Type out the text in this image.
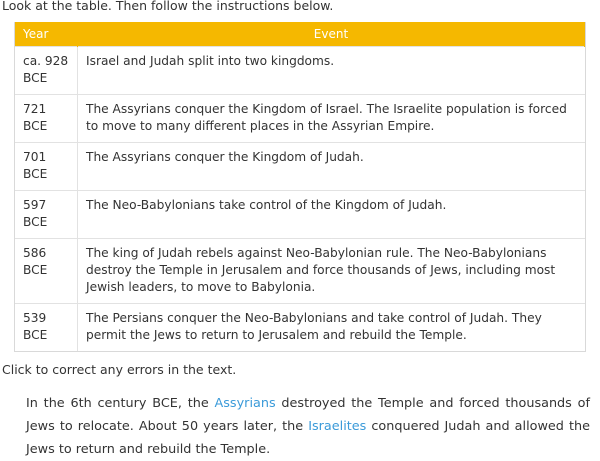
Look at the table. Then follow the instructions below.
Year	Event
ca. 928 BCE	Israel and Judah split into two kingdoms.
721 BCE	The Assyrians conquer the Kingdom of Israel. The Israelite population is forced to move to many different places in the Assyrian Empire.
701 BCE	The Assyrians conquer the Kingdom of Judah.
597 BCE	The Neo-Babylonians take control of the Kingdom of Judah.
586 BCE	The king of Judah rebels against Neo-Babylonian rule. The Neo-Babylonians destroy the Temple in Jerusalem and force thousands of Jews, including most Jewish leaders, to move to Babylonia.
539 BCE	The Persians conquer the Neo-Babylonians and take control of Judah. They permit the Jews to return to Jerusalem and rebuild the Temple.
Click to correct any errors in the text.

In the 6th century BCE, the Assyrians destroyed the Temple and forced thousands of Jews to relocate. About 50 years later, the Israelites conquered Judah and allowed the Jews to return and rebuild the Temple.
